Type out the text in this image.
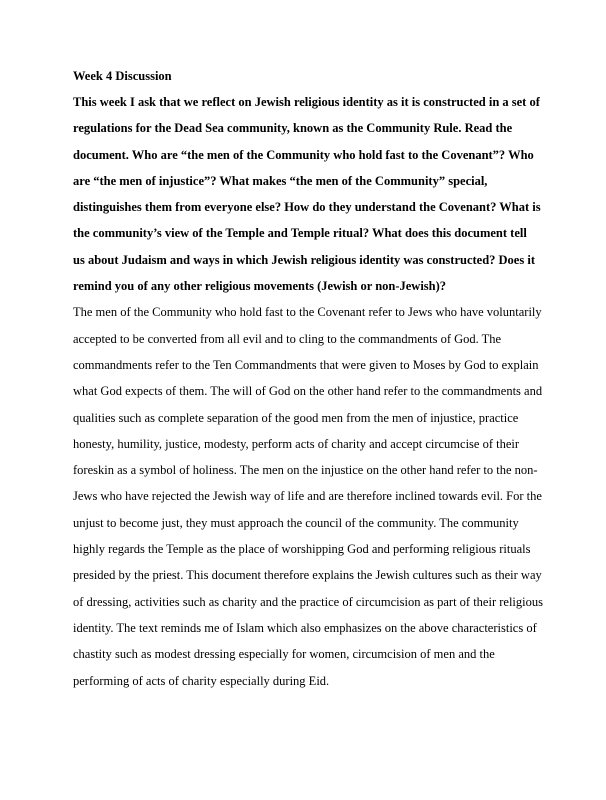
Week 4 Discussion

This week I ask that we reflect on Jewish religious identity as it is constructed in a set of
regulations for the Dead Sea community, known as the Community Rule. Read the
document. Who are “the men of the Community who hold fast to the Covenant”? Who
are “the men of injustice”? What makes “the men of the Community” special,
distinguishes them from everyone else? How do they understand the Covenant? What is
the community’s view of the Temple and Temple ritual? What does this document tell
us about Judaism and ways in which Jewish religious identity was constructed? Does it
remind you of any other religious movements (Jewish or non-Jewish)?

The men of the Community who hold fast to the Covenant refer to Jews who have voluntarily
accepted to be converted from all evil and to cling to the commandments of God. The
commandments refer to the Ten Commandments that were given to Moses by God to explain
what God expects of them. The will of God on the other hand refer to the commandments and
qualities such as complete separation of the good men from the men of injustice, practice
honesty, humility, justice, modesty, perform acts of charity and accept circumcise of their
foreskin as a symbol of holiness. The men on the injustice on the other hand refer to the non-
Jews who have rejected the Jewish way of life and are therefore inclined towards evil. For the
unjust to become just, they must approach the council of the community. The community
highly regards the Temple as the place of worshipping God and performing religious rituals
presided by the priest. This document therefore explains the Jewish cultures such as their way
of dressing, activities such as charity and the practice of circumcision as part of their religious
identity. The text reminds me of Islam which also emphasizes on the above characteristics of
chastity such as modest dressing especially for women, circumcision of men and the
performing of acts of charity especially during Eid.
